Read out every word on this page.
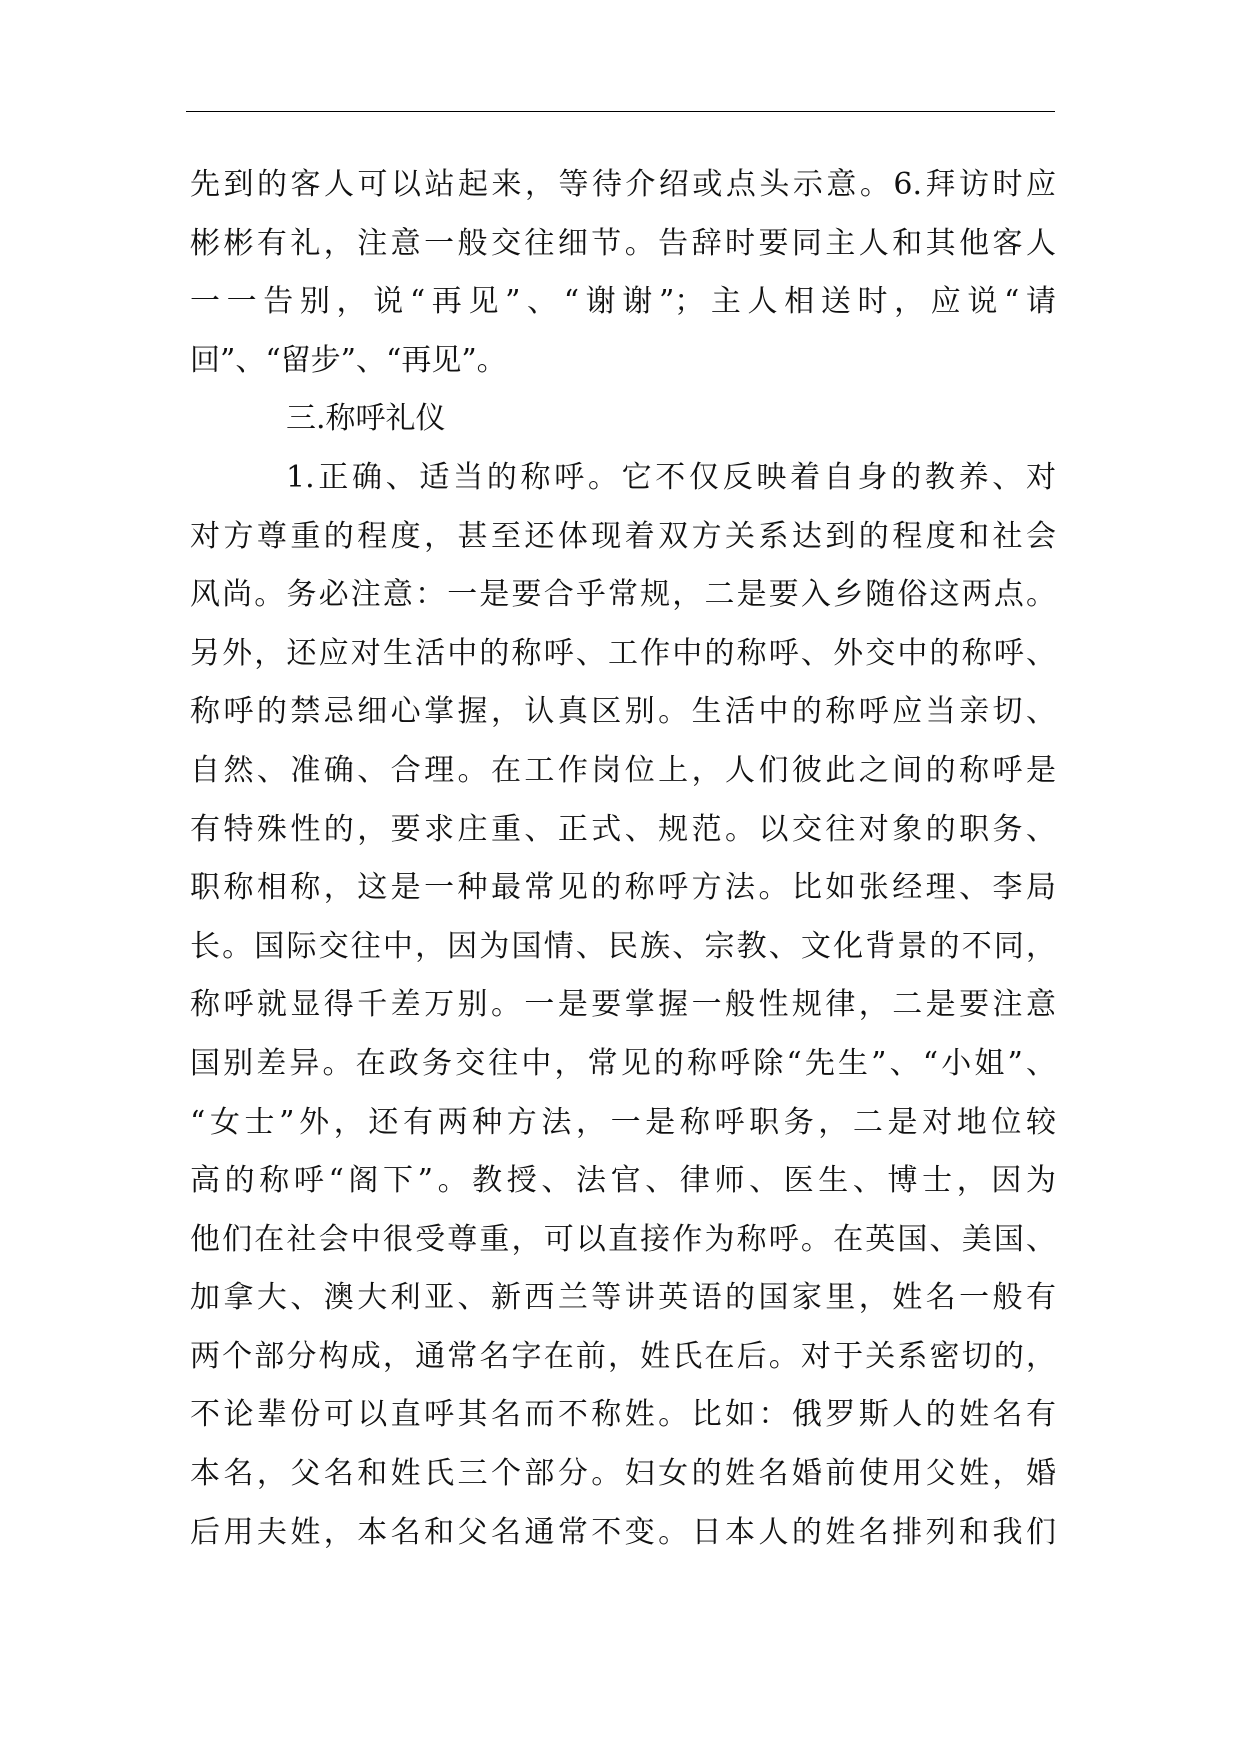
先到的客人可以站起来，等待介绍或点头示意。6.拜访时应
彬彬有礼，注意一般交往细节。告辞时要同主人和其他客人
一一告别，说“再见”、“谢谢”；主人相送时，应说“请
回”、“留步”、“再见”。
三.称呼礼仪
1.正确、适当的称呼。它不仅反映着自身的教养、对
对方尊重的程度，甚至还体现着双方关系达到的程度和社会
风尚。务必注意：一是要合乎常规，二是要入乡随俗这两点。
另外，还应对生活中的称呼、工作中的称呼、外交中的称呼、
称呼的禁忌细心掌握，认真区别。生活中的称呼应当亲切、
自然、准确、合理。在工作岗位上，人们彼此之间的称呼是
有特殊性的，要求庄重、正式、规范。以交往对象的职务、
职称相称，这是一种最常见的称呼方法。比如张经理、李局
长。国际交往中，因为国情、民族、宗教、文化背景的不同，
称呼就显得千差万别。一是要掌握一般性规律，二是要注意
国别差异。在政务交往中，常见的称呼除“先生”、“小姐”、
“女士”外，还有两种方法，一是称呼职务，二是对地位较
高的称呼“阁下”。教授、法官、律师、医生、博士，因为
他们在社会中很受尊重，可以直接作为称呼。在英国、美国、
加拿大、澳大利亚、新西兰等讲英语的国家里，姓名一般有
两个部分构成，通常名字在前，姓氏在后。对于关系密切的，
不论辈份可以直呼其名而不称姓。比如：俄罗斯人的姓名有
本名，父名和姓氏三个部分。妇女的姓名婚前使用父姓，婚
后用夫姓，本名和父名通常不变。日本人的姓名排列和我们
